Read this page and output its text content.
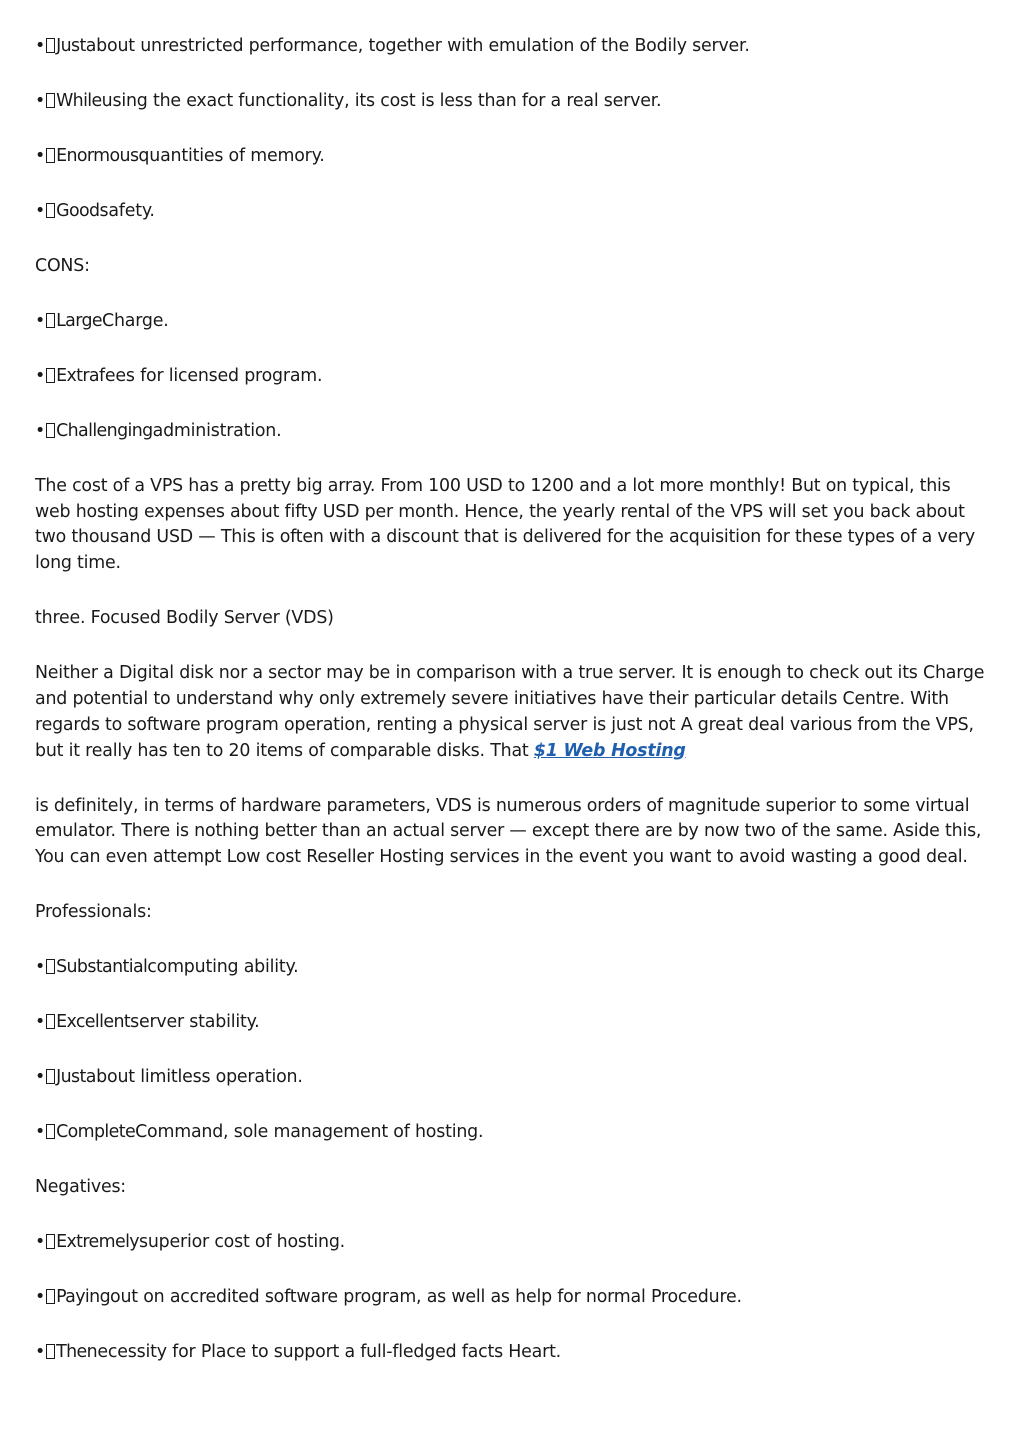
• Justabout unrestricted performance, together with emulation of the Bodily server.

• Whileusing the exact functionality, its cost is less than for a real server.

• Enormousquantities of memory.

• Goodsafety.

CONS:

• LargeCharge.

• Extrafees for licensed program.

• Challengingadministration.

The cost of a VPS has a pretty big array. From 100 USD to 1200 and a lot more monthly! But on typical, this web hosting expenses about fifty USD per month. Hence, the yearly rental of the VPS will set you back about two thousand USD — This is often with a discount that is delivered for the acquisition for these types of a very long time.

three. Focused Bodily Server (VDS)

Neither a Digital disk nor a sector may be in comparison with a true server. It is enough to check out its Charge and potential to understand why only extremely severe initiatives have their particular details Centre. With regards to software program operation, renting a physical server is just not A great deal various from the VPS, but it really has ten to 20 items of comparable disks. That $1 Web Hosting

is definitely, in terms of hardware parameters, VDS is numerous orders of magnitude superior to some virtual emulator. There is nothing better than an actual server — except there are by now two of the same. Aside this, You can even attempt Low cost Reseller Hosting services in the event you want to avoid wasting a good deal.

Professionals:

• Substantialcomputing ability.

• Excellentserver stability.

• Justabout limitless operation.

• CompleteCommand, sole management of hosting.

Negatives:

• Extremelysuperior cost of hosting.

• Payingout on accredited software program, as well as help for normal Procedure.

• Thenecessity for Place to support a full-fledged facts Heart.
